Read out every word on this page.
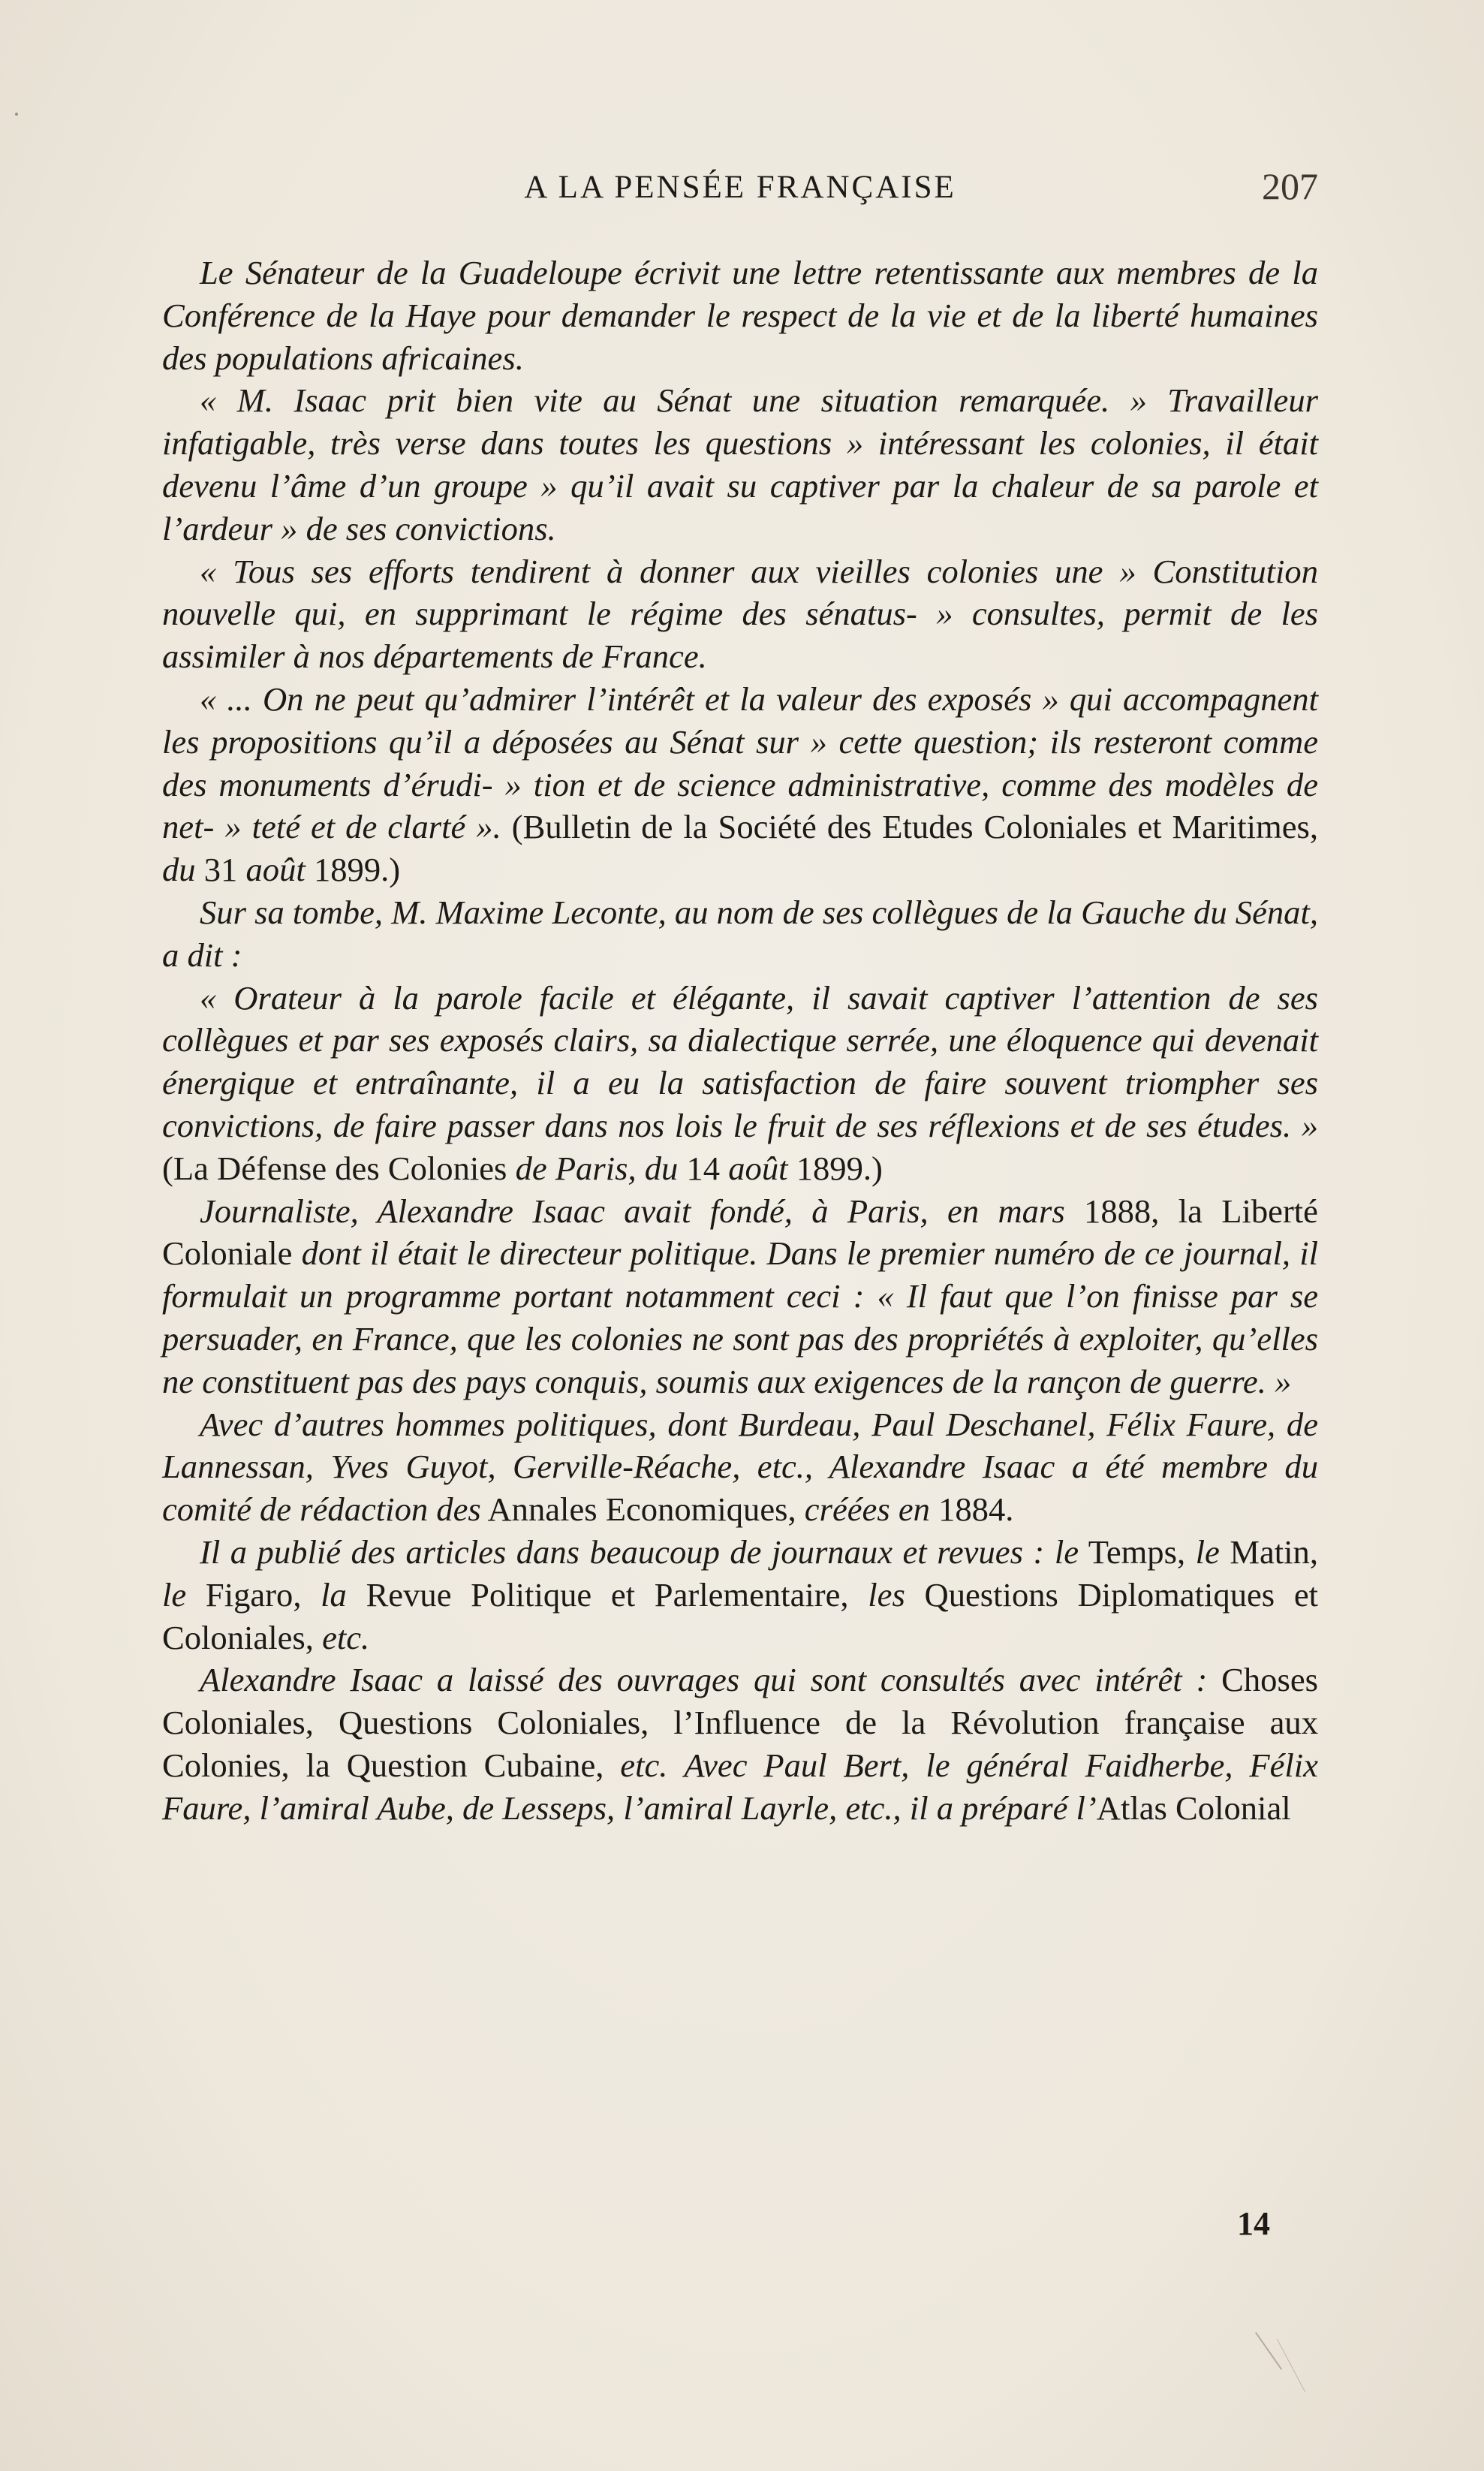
A LA PENSÉE FRANÇAISE	207

Le Sénateur de la Guadeloupe écrivit une lettre retentissante aux membres de la Conférence de la Haye pour demander le respect de la vie et de la liberté humaines des populations africaines.

« M. Isaac prit bien vite au Sénat une situation remarquée. » Travailleur infatigable, très verse dans toutes les questions » intéressant les colonies, il était devenu l’âme d’un groupe » qu’il avait su captiver par la chaleur de sa parole et l’ardeur » de ses convictions.

« Tous ses efforts tendirent à donner aux vieilles colonies une » Constitution nouvelle qui, en supprimant le régime des sénatus- » consultes, permit de les assimiler à nos départements de France.

« ... On ne peut qu’admirer l’intérêt et la valeur des exposés » qui accompagnent les propositions qu’il a déposées au Sénat sur » cette question; ils resteront comme des monuments d’érudi- » tion et de science administrative, comme des modèles de net- » teté et de clarté ». (Bulletin de la Société des Etudes Coloniales et Maritimes, du 31 août 1899.)

Sur sa tombe, M. Maxime Leconte, au nom de ses collègues de la Gauche du Sénat, a dit :

« Orateur à la parole facile et élégante, il savait captiver l’attention de ses collègues et par ses exposés clairs, sa dialectique serrée, une éloquence qui devenait énergique et entraînante, il a eu la satisfaction de faire souvent triompher ses convictions, de faire passer dans nos lois le fruit de ses réflexions et de ses études. » (La Défense des Colonies de Paris, du 14 août 1899.)

Journaliste, Alexandre Isaac avait fondé, à Paris, en mars 1888, la Liberté Coloniale dont il était le directeur politique. Dans le premier numéro de ce journal, il formulait un programme portant notamment ceci : « Il faut que l’on finisse par se persuader, en France, que les colonies ne sont pas des propriétés à exploiter, qu’elles ne constituent pas des pays conquis, soumis aux exigences de la rançon de guerre. »

Avec d’autres hommes politiques, dont Burdeau, Paul Deschanel, Félix Faure, de Lannessan, Yves Guyot, Gerville-Réache, etc., Alexandre Isaac a été membre du comité de rédaction des Annales Economiques, créées en 1884.

Il a publié des articles dans beaucoup de journaux et revues : le Temps, le Matin, le Figaro, la Revue Politique et Parlementaire, les Questions Diplomatiques et Coloniales, etc.

Alexandre Isaac a laissé des ouvrages qui sont consultés avec intérêt : Choses Coloniales, Questions Coloniales, l’Influence de la Révolution française aux Colonies, la Question Cubaine, etc. Avec Paul Bert, le général Faidherbe, Félix Faure, l’amiral Aube, de Lesseps, l’amiral Layrle, etc., il a préparé l’Atlas Colonial

14
